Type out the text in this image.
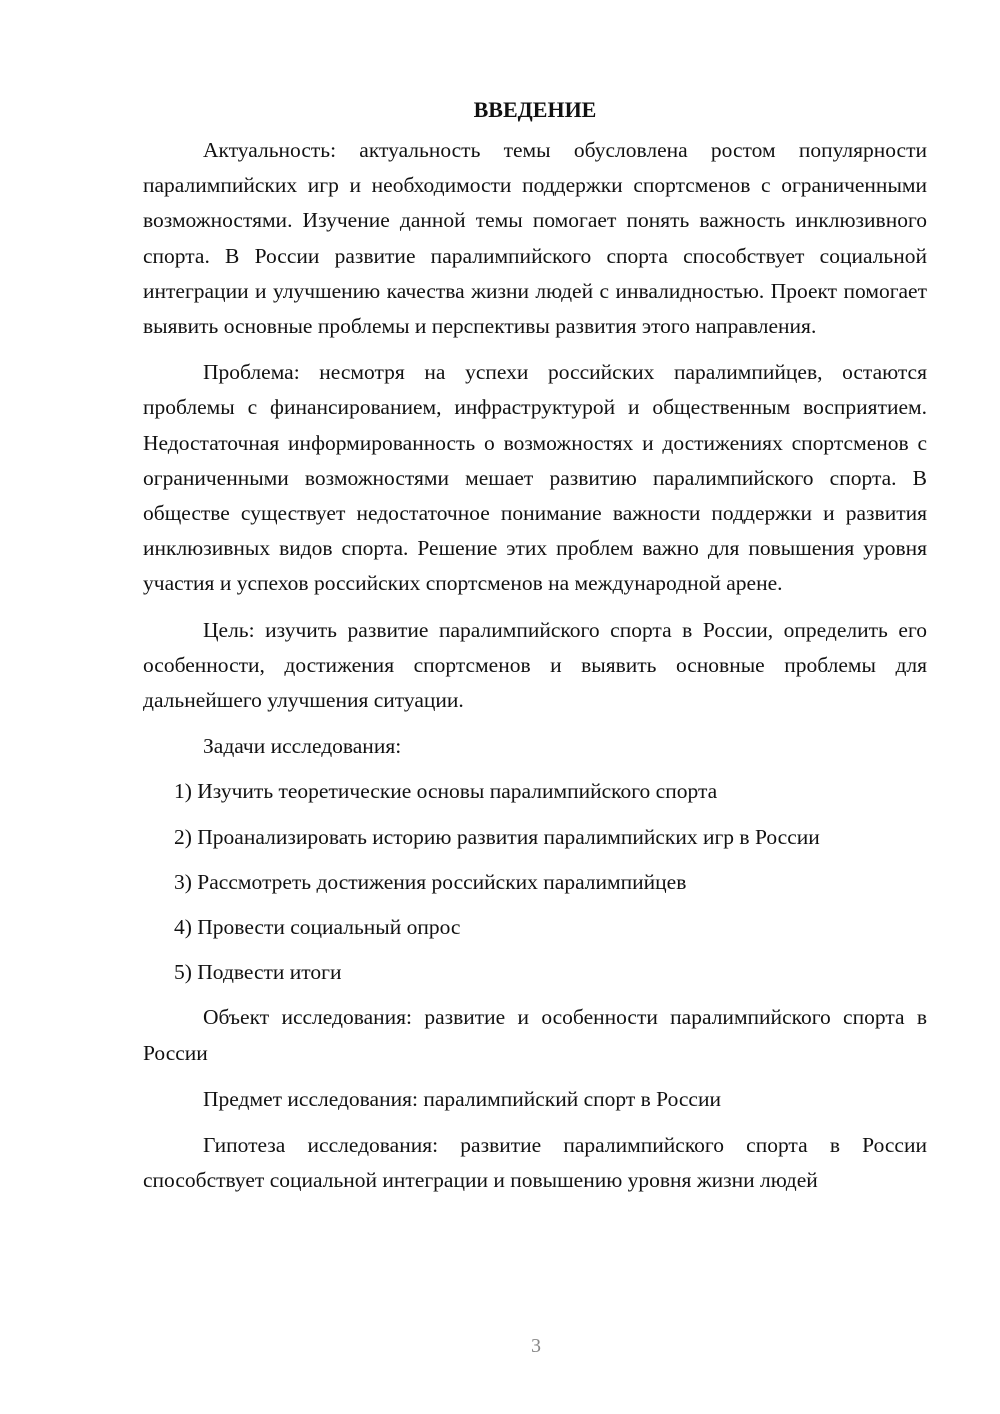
ВВЕДЕНИЕ

Актуальность: актуальность темы обусловлена ростом популярности паралимпийских игр и необходимости поддержки спортсменов с ограниченными возможностями. Изучение данной темы помогает понять важность инклюзивного спорта. В России развитие паралимпийского спорта способствует социальной интеграции и улучшению качества жизни людей с инвалидностью. Проект помогает выявить основные проблемы и перспективы развития этого направления.

Проблема: несмотря на успехи российских паралимпийцев, остаются проблемы с финансированием, инфраструктурой и общественным восприятием. Недостаточная информированность о возможностях и достижениях спортсменов с ограниченными возможностями мешает развитию паралимпийского спорта. В обществе существует недостаточное понимание важности поддержки и развития инклюзивных видов спорта. Решение этих проблем важно для повышения уровня участия и успехов российских спортсменов на международной арене.

Цель: изучить развитие паралимпийского спорта в России, определить его особенности, достижения спортсменов и выявить основные проблемы для дальнейшего улучшения ситуации.

Задачи исследования:
1) Изучить теоретические основы паралимпийского спорта
2) Проанализировать историю развития паралимпийских игр в России
3) Рассмотреть достижения российских паралимпийцев
4) Провести социальный опрос
5) Подвести итоги

Объект исследования: развитие и особенности паралимпийского спорта в России

Предмет исследования: паралимпийский спорт в России

Гипотеза исследования: развитие паралимпийского спорта в России способствует социальной интеграции и повышению уровня жизни людей

3
